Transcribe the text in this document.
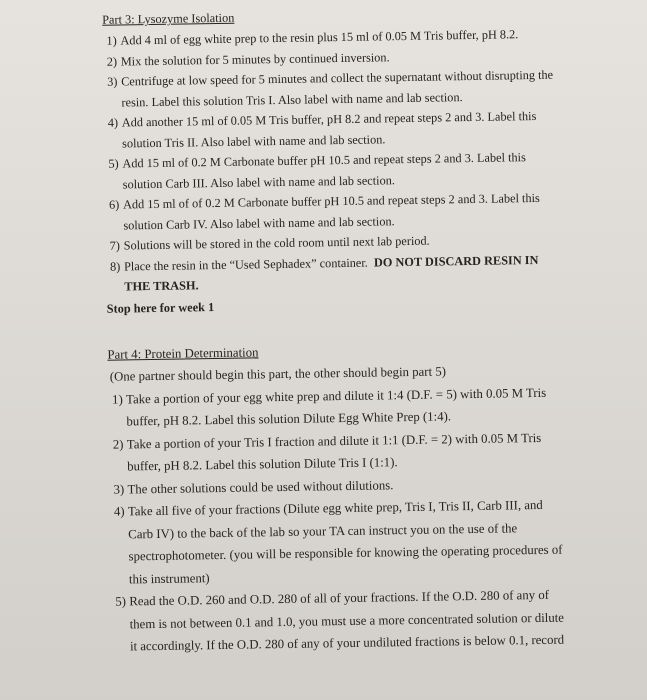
Part 3: Lysozyme Isolation
1) Add 4 ml of egg white prep to the resin plus 15 ml of 0.05 M Tris buffer, pH 8.2.
2) Mix the solution for 5 minutes by continued inversion.
3) Centrifuge at low speed for 5 minutes and collect the supernatant without disrupting the resin. Label this solution Tris I. Also label with name and lab section.
4) Add another 15 ml of 0.05 M Tris buffer, pH 8.2 and repeat steps 2 and 3. Label this solution Tris II. Also label with name and lab section.
5) Add 15 ml of 0.2 M Carbonate buffer pH 10.5 and repeat steps 2 and 3. Label this solution Carb III. Also label with name and lab section.
6) Add 15 ml of of 0.2 M Carbonate buffer pH 10.5 and repeat steps 2 and 3. Label this solution Carb IV. Also label with name and lab section.
7) Solutions will be stored in the cold room until next lab period.
8) Place the resin in the “Used Sephadex” container. DO NOT DISCARD RESIN IN THE TRASH.
Stop here for week 1
Part 4: Protein Determination
(One partner should begin this part, the other should begin part 5)
1) Take a portion of your egg white prep and dilute it 1:4 (D.F. = 5) with 0.05 M Tris buffer, pH 8.2. Label this solution Dilute Egg White Prep (1:4).
2) Take a portion of your Tris I fraction and dilute it 1:1 (D.F. = 2) with 0.05 M Tris buffer, pH 8.2. Label this solution Dilute Tris I (1:1).
3) The other solutions could be used without dilutions.
4) Take all five of your fractions (Dilute egg white prep, Tris I, Tris II, Carb III, and Carb IV) to the back of the lab so your TA can instruct you on the use of the spectrophotometer. (you will be responsible for knowing the operating procedures of this instrument)
5) Read the O.D. 260 and O.D. 280 of all of your fractions. If the O.D. 280 of any of them is not between 0.1 and 1.0, you must use a more concentrated solution or dilute it accordingly. If the O.D. 280 of any of your undiluted fractions is below 0.1, record
